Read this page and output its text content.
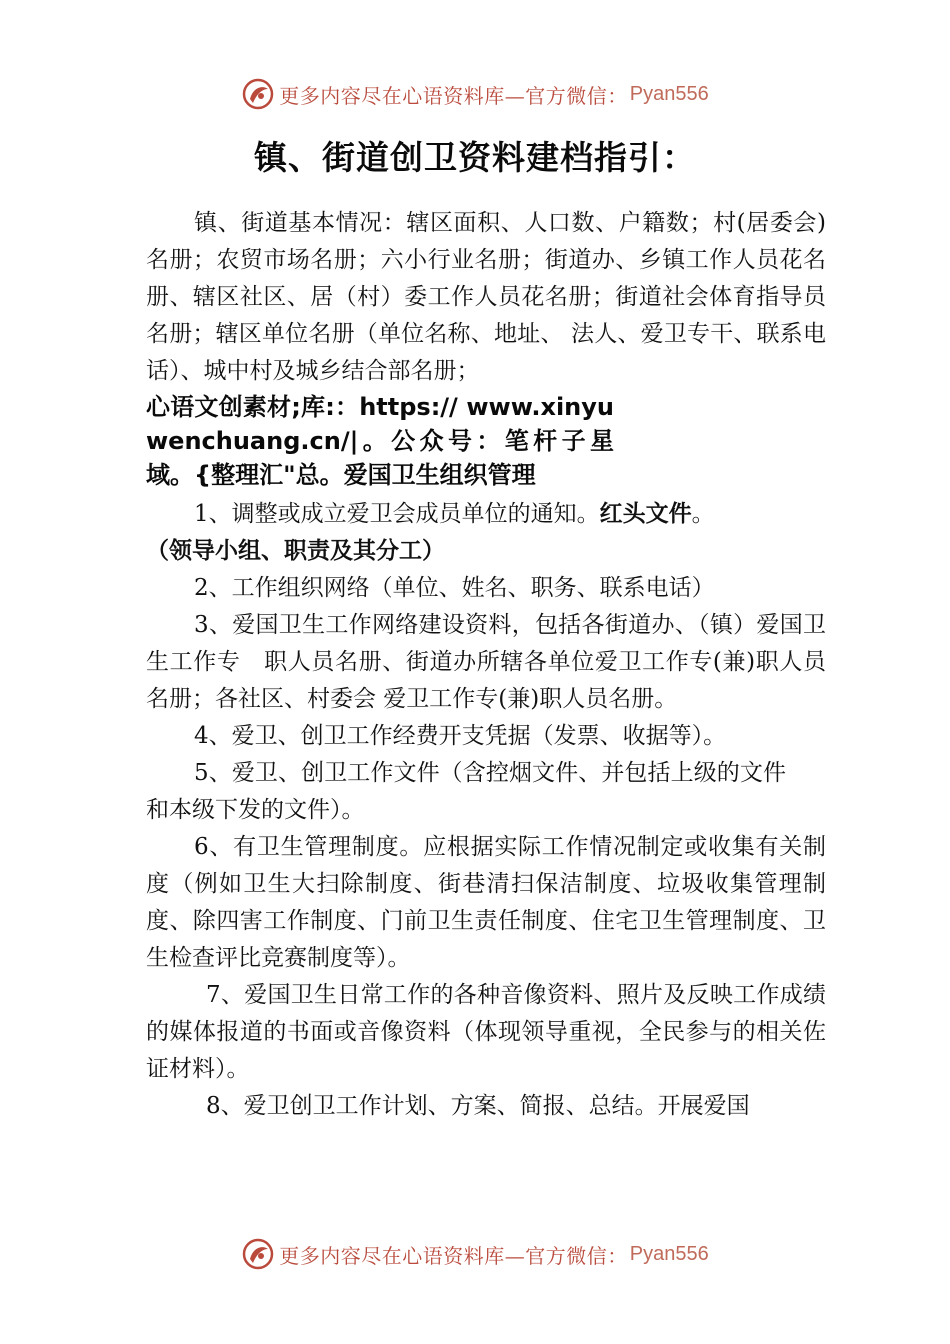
更多内容尽在心语资料库—官方微信： Pyan556
镇、街道创卫资料建档指引：

镇、街道基本情况：辖区面积、人口数、户籍数；村(居委会)名册；农贸市场名册；六小行业名册；街道办、乡镇工作人员花名册、辖区社区、居（村）委工作人员花名册；街道社会体育指导员名册；辖区单位名册（单位名称、地址、 法人、爱卫专干、联系电话）、城中村及城乡结合部名册；

心语文创素材;库:：https:// www.xinyuwenchuang.cn/|。公众号：笔杆子星域。{整理汇"总。爱国卫生组织管理

1、调整或成立爱卫会成员单位的通知。红头文件。

（领导小组、职责及其分工）

2、工作组织网络（单位、姓名、职务、联系电话）

3、爱国卫生工作网络建设资料，包括各街道办、（镇）爱国卫生工作专　职人员名册、街道办所辖各单位爱卫工作专(兼)职人员名册；各社区、村委会 爱卫工作专(兼)职人员名册。

4、爱卫、创卫工作经费开支凭据（发票、收据等）。

5、爱卫、创卫工作文件（含控烟文件、并包括上级的文件和本级下发的文件）。

6、有卫生管理制度。应根据实际工作情况制定或收集有关制度（例如卫生大扫除制度、街巷清扫保洁制度、垃圾收集管理制度、除四害工作制度、门前卫生责任制度、住宅卫生管理制度、卫生检查评比竞赛制度等）。

7、爱国卫生日常工作的各种音像资料、照片及反映工作成绩的媒体报道的书面或音像资料（体现领导重视，全民参与的相关佐证材料）。

8、爱卫创卫工作计划、方案、简报、总结。开展爱国

更多内容尽在心语资料库—官方微信： Pyan556
